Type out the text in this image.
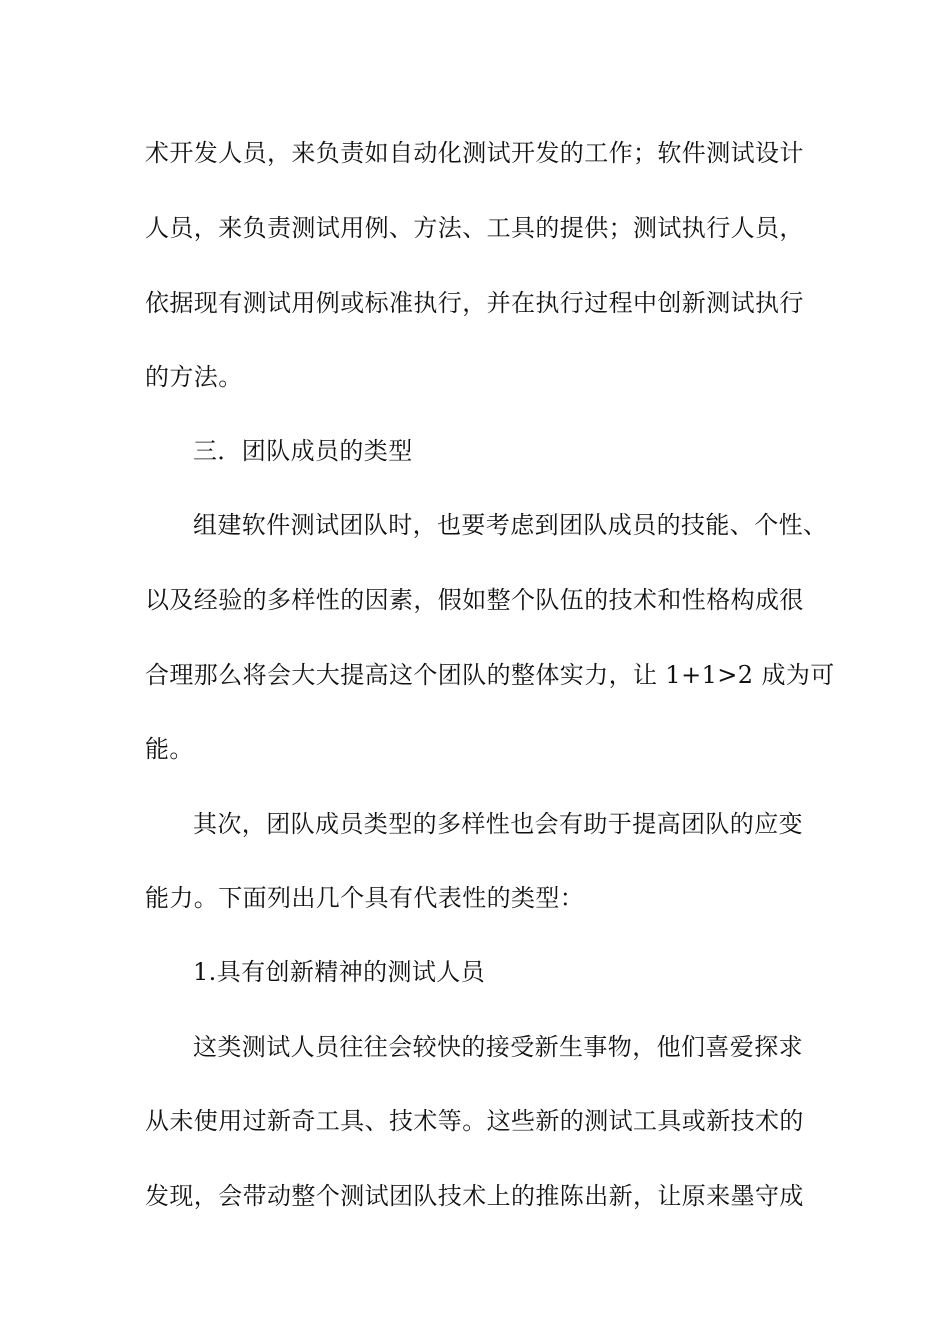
术开发人员，来负责如自动化测试开发的工作；软件测试设计
人员，来负责测试用例、方法、工具的提供；测试执行人员，
依据现有测试用例或标准执行，并在执行过程中创新测试执行
的方法。
三．团队成员的类型
组建软件测试团队时，也要考虑到团队成员的技能、个性、
以及经验的多样性的因素，假如整个队伍的技术和性格构成很
合理那么将会大大提高这个团队的整体实力，让 1+1>2 成为可
能。
其次，团队成员类型的多样性也会有助于提高团队的应变
能力。下面列出几个具有代表性的类型：
1.具有创新精神的测试人员
这类测试人员往往会较快的接受新生事物，他们喜爱探求
从未使用过新奇工具、技术等。这些新的测试工具或新技术的
发现，会带动整个测试团队技术上的推陈出新，让原来墨守成
